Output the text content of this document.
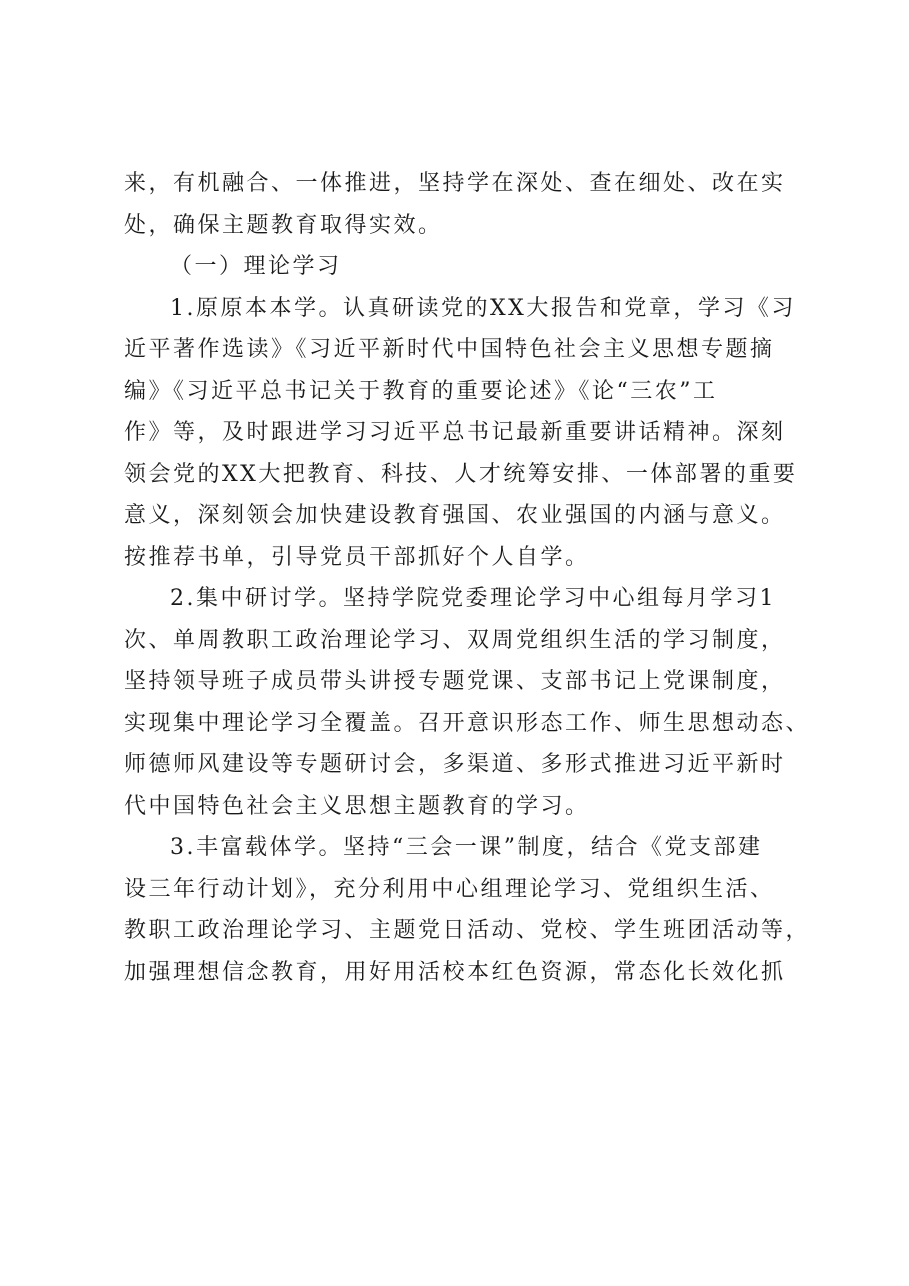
来，有机融合、一体推进，坚持学在深处、查在细处、改在实
处，确保主题教育取得实效。
（一）理论学习
1.原原本本学。认真研读党的XX大报告和党章，学习《习
近平著作选读》《习近平新时代中国特色社会主义思想专题摘
编》《习近平总书记关于教育的重要论述》《论“三农”工
作》等，及时跟进学习习近平总书记最新重要讲话精神。深刻
领会党的XX大把教育、科技、人才统筹安排、一体部署的重要
意义，深刻领会加快建设教育强国、农业强国的内涵与意义。
按推荐书单，引导党员干部抓好个人自学。
2.集中研讨学。坚持学院党委理论学习中心组每月学习1
次、单周教职工政治理论学习、双周党组织生活的学习制度，
坚持领导班子成员带头讲授专题党课、支部书记上党课制度，
实现集中理论学习全覆盖。召开意识形态工作、师生思想动态、
师德师风建设等专题研讨会，多渠道、多形式推进习近平新时
代中国特色社会主义思想主题教育的学习。
3.丰富载体学。坚持“三会一课”制度，结合《党支部建
设三年行动计划》，充分利用中心组理论学习、党组织生活、
教职工政治理论学习、主题党日活动、党校、学生班团活动等，
加强理想信念教育，用好用活校本红色资源，常态化长效化抓
